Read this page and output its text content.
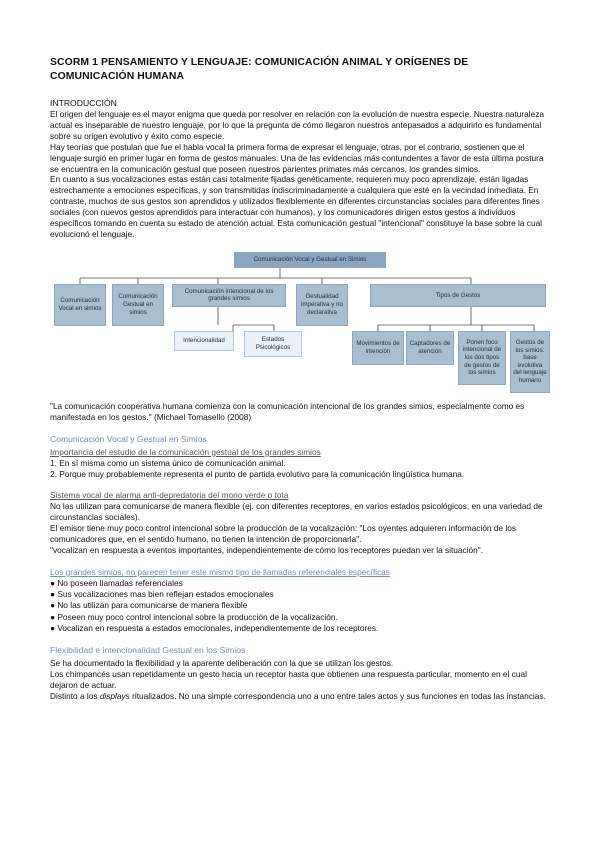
SCORM 1 PENSAMIENTO Y LENGUAJE: COMUNICACIÓN ANIMAL Y ORÍGENES DE COMUNICACIÓN HUMANA
INTRODUCCIÓN

El origen del lenguaje es el mayor enigma que queda por resolver en relación con la evolución de nuestra especie. Nuestra naturaleza actual es inseparable de nuestro lenguaje, por lo que la pregunta de cómo llegaron nuestros antepasados a adquirirlo es fundamental sobre su origen evolutivo y éxito como especie.

Hay teorías que postulan que fue el habla vocal la primera forma de expresar el lenguaje, otras, por el contrario, sostienen que el lenguaje surgió en primer lugar en forma de gestos manuales. Una de las evidencias más contundentes a favor de esta última postura se encuentra en la comunicación gestual que poseen nuestros parientes primates más cercanos, los grandes simios.

En cuanto a sus vocalizaciones estas están casi totalmente fijadas genéticamente, requieren muy poco aprendizaje, están ligadas estrechamente a emociones específicas, y son transmitidas indiscriminadamente a cualquiera que esté en la vecindad inmediata. En contraste, muchos de sus gestos son aprendidos y utilizados flexiblemente en diferentes circunstancias sociales para diferentes fines sociales (con nuevos gestos aprendidos para interactuar con humanos), y los comunicadores dirigen estos gestos a individuos específicos tomando en cuenta su estado de atención actual. Esta comunicación gestual "intencional" constituye la base sobre la cual evolucionó el lenguaje.

Comunicación Vocal y Gestual en Simios
Comunicación Vocal en simios
Comunicación Gestual en simios
Comunicación intencional de los grandes simios	Gestualidad imperativa y no declarativa
Tipos de Gestos
Intencionalidad	Estados Psicológicos
Movimientos de intención
Captadores de atención
Ponen foco intencional de los dos tipos de gestos de los simios
Gestos de los simios: base evolutiva del lenguaje humano

"La comunicación cooperativa humana comienza con la comunicación intencional de los grandes simios, especialmente como es manifestada en los gestos." (Michael Tomasello (2008)

Comunicación Vocal y Gestual en Simios
Importancia del estudio de la comunicación gestual de los grandes simios

1. En sí misma como un sistema único de comunicación animal.

2. Porque muy probablemente representa el punto de partida evolutivo para la comunicación lingüística humana.

Sistema vocal de alarma anti-depredatoria del mono verde o tota

No las utilizan para comunicarse de manera flexible (ej. con diferentes receptores, en varios estados psicológicos, en una variedad de circunstancias sociales).

El emisor tiene muy poco control intencional sobre la producción de la vocalización: "Los oyentes adquieren información de los comunicadores que, en el sentido humano, no tienen la intención de proporcionarla".

"vocalizan en respuesta a eventos importantes, independientemente de cómo los receptores puedan ver la situación".

Los grandes simios, no parecen tener este mismo tipo de llamadas referenciales específicas
● No poseen llamadas referenciales
● Sus vocalizaciones mas bien reflejan estados emocionales
● No las utilizan para comunicarse de manera flexible
● Poseen muy poco control intencional sobre la producción de la vocalización.
● Vocalizan en respuesta a estados emocionales, independientemente de los receptores.
Flexibilidad e intencionalidad Gestual en los Simios

Se ha documentado la flexibilidad y la aparente deliberación con la que se utilizan los gestos.

Los chimpancés usan repetidamente un gesto hacia un receptor hasta que obtienen una respuesta particular, momento en el cual dejaron de actuar.

Distinto a los displays ritualizados. No una simple correspondencia uno a uno entre tales actos y sus funciones en todas las instancias.
